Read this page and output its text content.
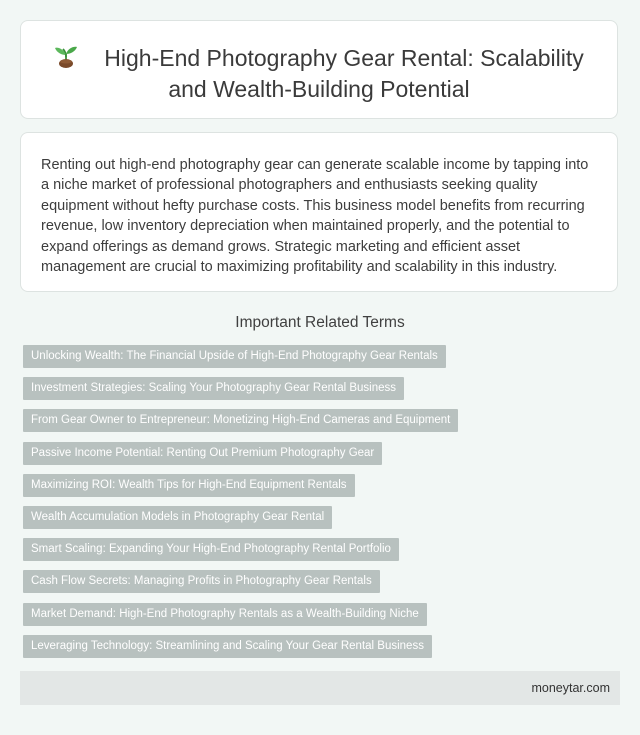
High-End Photography Gear Rental: Scalability and Wealth-Building Potential

Renting out high-end photography gear can generate scalable income by tapping into a niche market of professional photographers and enthusiasts seeking quality equipment without hefty purchase costs. This business model benefits from recurring revenue, low inventory depreciation when maintained properly, and the potential to expand offerings as demand grows. Strategic marketing and efficient asset management are crucial to maximizing profitability and scalability in this industry.

Important Related Terms
Unlocking Wealth: The Financial Upside of High-End Photography Gear Rentals
Investment Strategies: Scaling Your Photography Gear Rental Business
From Gear Owner to Entrepreneur: Monetizing High-End Cameras and Equipment
Passive Income Potential: Renting Out Premium Photography Gear
Maximizing ROI: Wealth Tips for High-End Equipment Rentals
Wealth Accumulation Models in Photography Gear Rental
Smart Scaling: Expanding Your High-End Photography Rental Portfolio
Cash Flow Secrets: Managing Profits in Photography Gear Rentals
Market Demand: High-End Photography Rentals as a Wealth-Building Niche
Leveraging Technology: Streamlining and Scaling Your Gear Rental Business
moneytar.com
